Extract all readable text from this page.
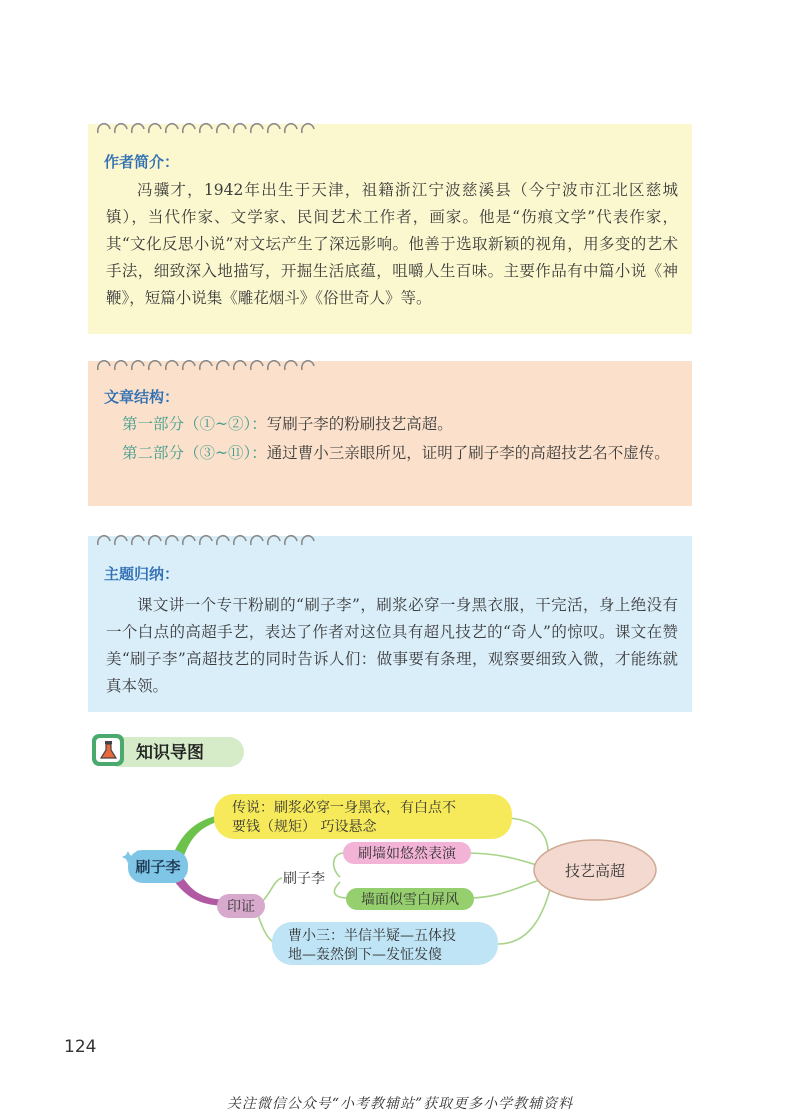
作者简介：
冯骥才，1942年出生于天津，祖籍浙江宁波慈溪县（今宁波市江北区慈城镇），当代作家、文学家、民间艺术工作者，画家。他是“伤痕文学”代表作家，其“文化反思小说”对文坛产生了深远影响。他善于选取新颖的视角，用多变的艺术手法，细致深入地描写，开掘生活底蕴，咀嚼人生百味。主要作品有中篇小说《神鞭》，短篇小说集《雕花烟斗》《俗世奇人》等。
文章结构：
第一部分（①~②）：写刷子李的粉刷技艺高超。
第二部分（③~⑪）：通过曹小三亲眼所见，证明了刷子李的高超技艺名不虚传。
主题归纳：
课文讲一个专干粉刷的“刷子李”，刷浆必穿一身黑衣服，干完活，身上绝没有一个白点的高超手艺，表达了作者对这位具有超凡技艺的“奇人”的惊叹。课文在赞美“刷子李”高超技艺的同时告诉人们：做事要有条理，观察要细致入微，才能练就真本领。
知识导图
刷子李
传说：刷浆必穿一身黑衣，有白点不
要钱（规矩） 巧设悬念
印证
刷子李
刷墙如悠然表演
墙面似雪白屏风
技艺高超
曹小三：半信半疑—五体投
地—轰然倒下—发怔发傻
124
关注微信公众号“小考教辅站”获取更多小学教辅资料
